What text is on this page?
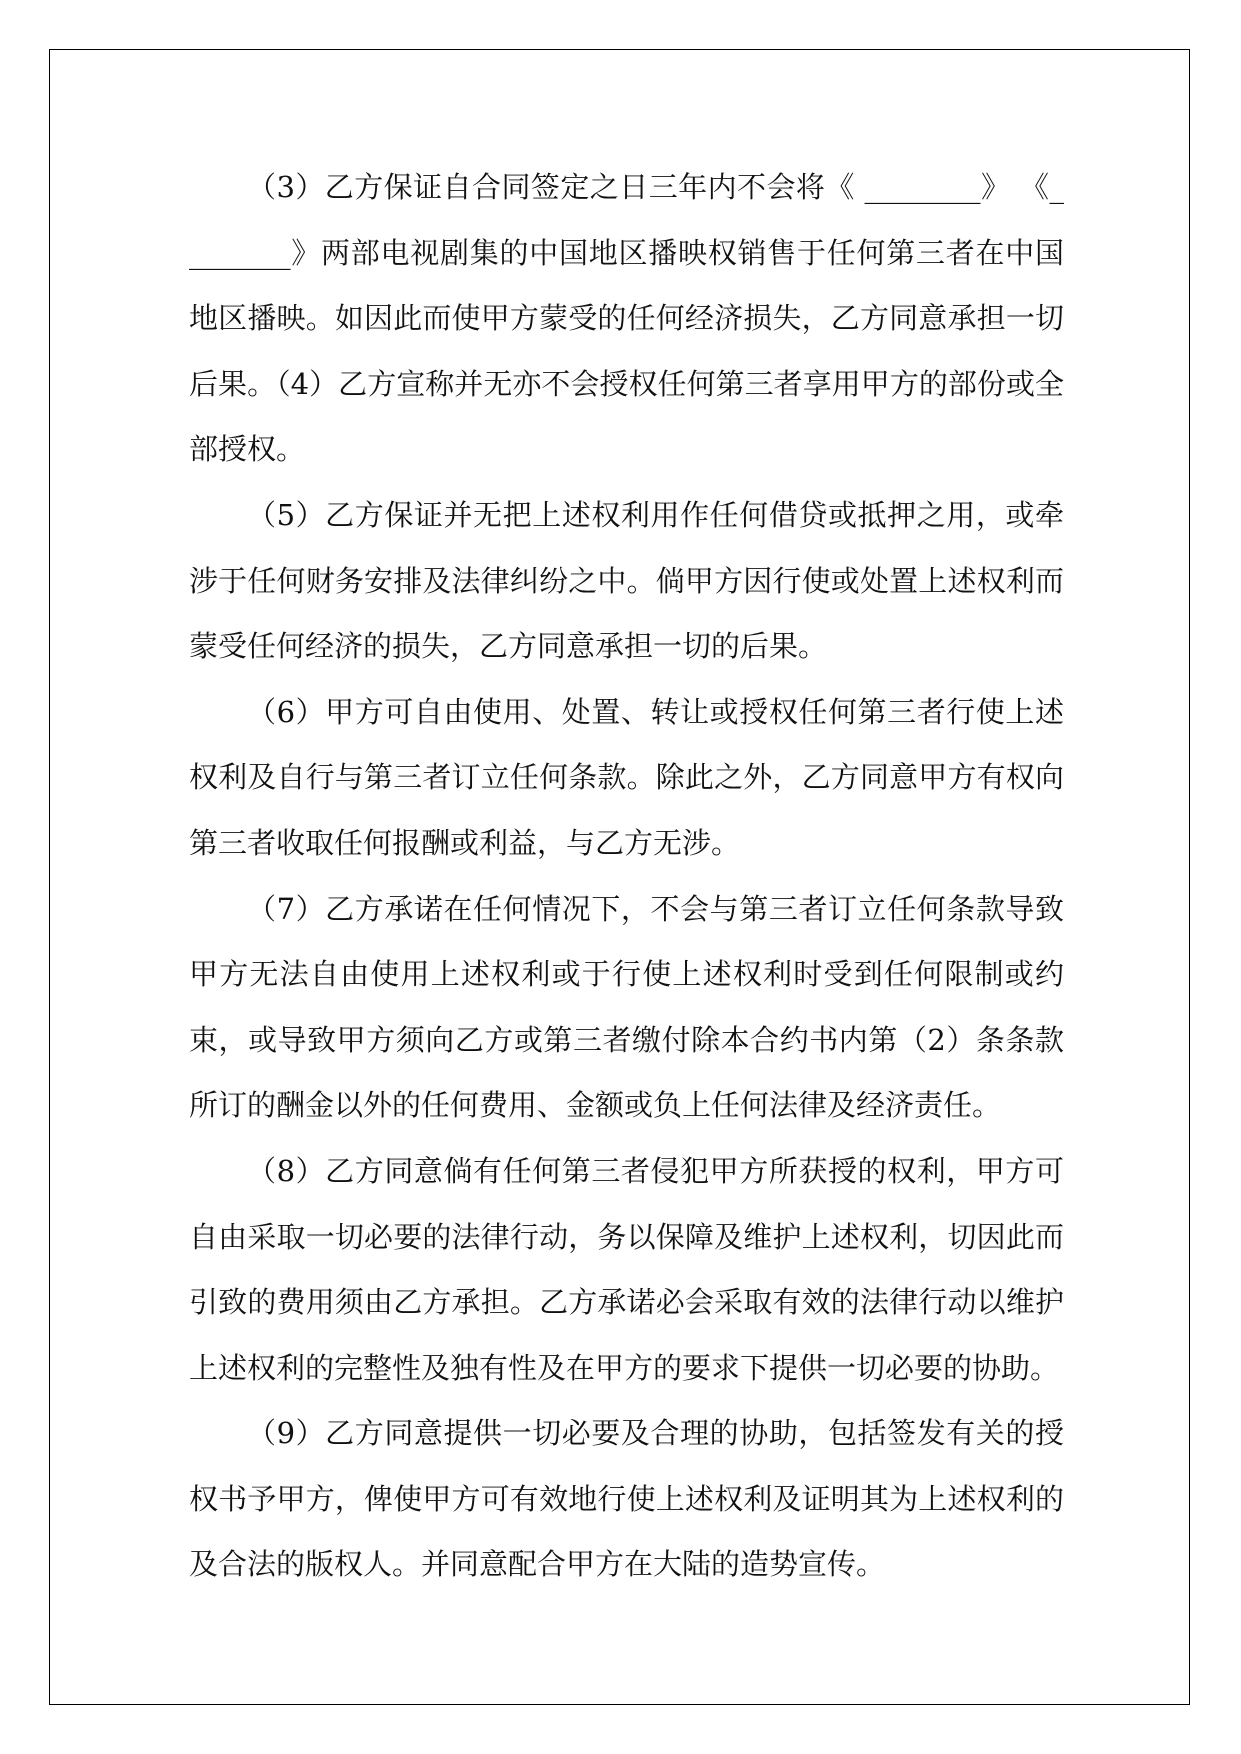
（3）乙方保证自合同签定之日三年内不会将《 ________》 《________》两部电视剧集的中国地区播映权销售于任何第三者在中国地区播映。如因此而使甲方蒙受的任何经济损失，乙方同意承担一切后果。（4）乙方宣称并无亦不会授权任何第三者享用甲方的部份或全部授权。

（5）乙方保证并无把上述权利用作任何借贷或抵押之用，或牵涉于任何财务安排及法律纠纷之中。倘甲方因行使或处置上述权利而蒙受任何经济的损失，乙方同意承担一切的后果。

（6）甲方可自由使用、处置、转让或授权任何第三者行使上述权利及自行与第三者订立任何条款。除此之外，乙方同意甲方有权向第三者收取任何报酬或利益，与乙方无涉。

（7）乙方承诺在任何情况下，不会与第三者订立任何条款导致甲方无法自由使用上述权利或于行使上述权利时受到任何限制或约束，或导致甲方须向乙方或第三者缴付除本合约书内第（2）条条款所订的酬金以外的任何费用、金额或负上任何法律及经济责任。

（8）乙方同意倘有任何第三者侵犯甲方所获授的权利，甲方可自由采取一切必要的法律行动，务以保障及维护上述权利，切因此而引致的费用须由乙方承担。乙方承诺必会采取有效的法律行动以维护上述权利的完整性及独有性及在甲方的要求下提供一切必要的协助。

（9）乙方同意提供一切必要及合理的协助，包括签发有关的授权书予甲方，俾使甲方可有效地行使上述权利及证明其为上述权利的及合法的版权人。并同意配合甲方在大陆的造势宣传。
